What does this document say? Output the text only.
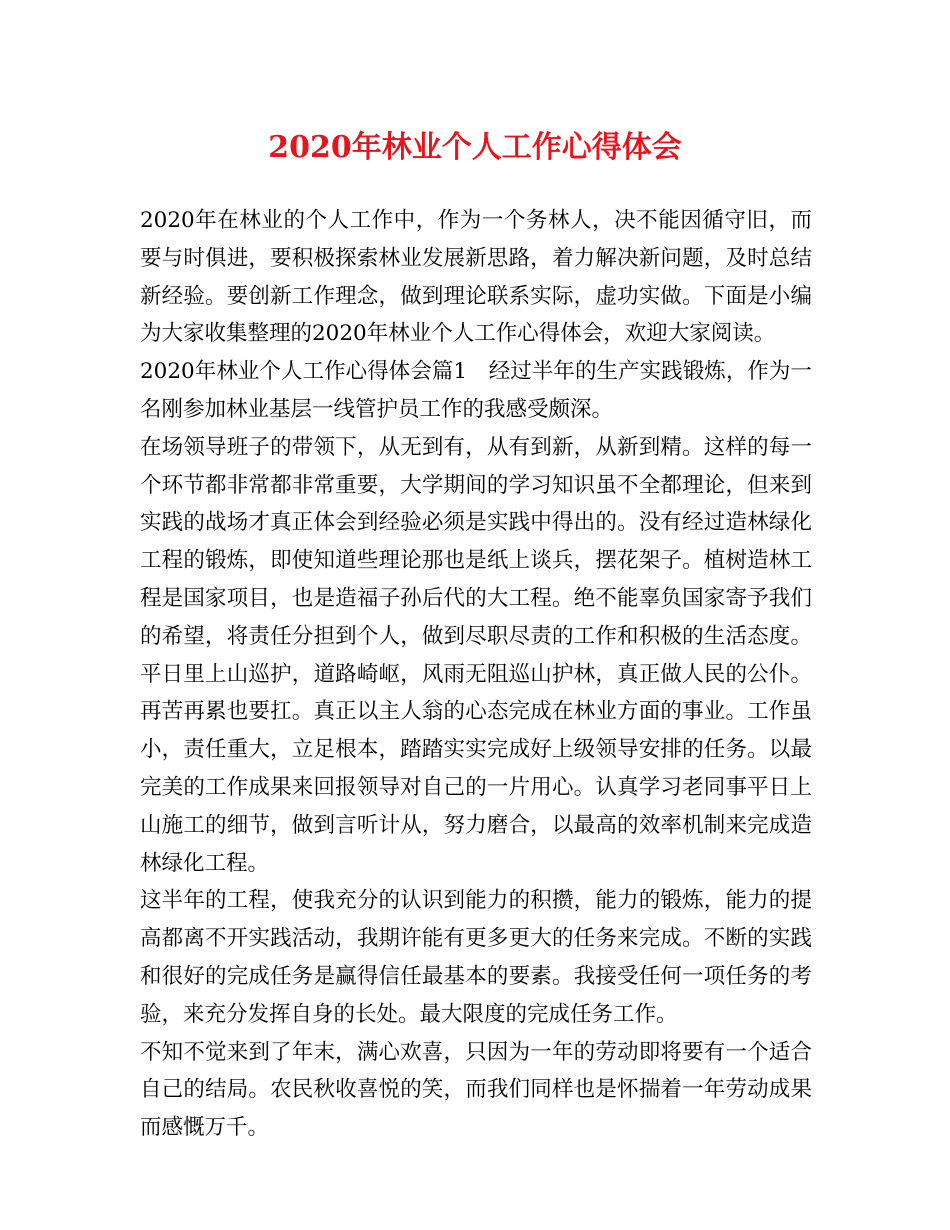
2020年林业个人工作心得体会

2020年在林业的个人工作中，作为一个务林人，决不能因循守旧，而要与时俱进，要积极探索林业发展新思路，着力解决新问题，及时总结新经验。要创新工作理念，做到理论联系实际，虚功实做。下面是小编为大家收集整理的2020年林业个人工作心得体会，欢迎大家阅读。

2020年林业个人工作心得体会篇1　经过半年的生产实践锻炼，作为一名刚参加林业基层一线管护员工作的我感受颇深。

在场领导班子的带领下，从无到有，从有到新，从新到精。这样的每一个环节都非常都非常重要，大学期间的学习知识虽不全都理论，但来到实践的战场才真正体会到经验必须是实践中得出的。没有经过造林绿化工程的锻炼，即使知道些理论那也是纸上谈兵，摆花架子。植树造林工程是国家项目，也是造福子孙后代的大工程。绝不能辜负国家寄予我们的希望，将责任分担到个人，做到尽职尽责的工作和积极的生活态度。平日里上山巡护，道路崎岖，风雨无阻巡山护林，真正做人民的公仆。再苦再累也要扛。真正以主人翁的心态完成在林业方面的事业。工作虽小，责任重大，立足根本，踏踏实实完成好上级领导安排的任务。以最完美的工作成果来回报领导对自己的一片用心。认真学习老同事平日上山施工的细节，做到言听计从，努力磨合，以最高的效率机制来完成造林绿化工程。

这半年的工程，使我充分的认识到能力的积攒，能力的锻炼，能力的提高都离不开实践活动，我期许能有更多更大的任务来完成。不断的实践和很好的完成任务是赢得信任最基本的要素。我接受任何一项任务的考验，来充分发挥自身的长处。最大限度的完成任务工作。

不知不觉来到了年末，满心欢喜，只因为一年的劳动即将要有一个适合自己的结局。农民秋收喜悦的笑，而我们同样也是怀揣着一年劳动成果而感慨万千。
